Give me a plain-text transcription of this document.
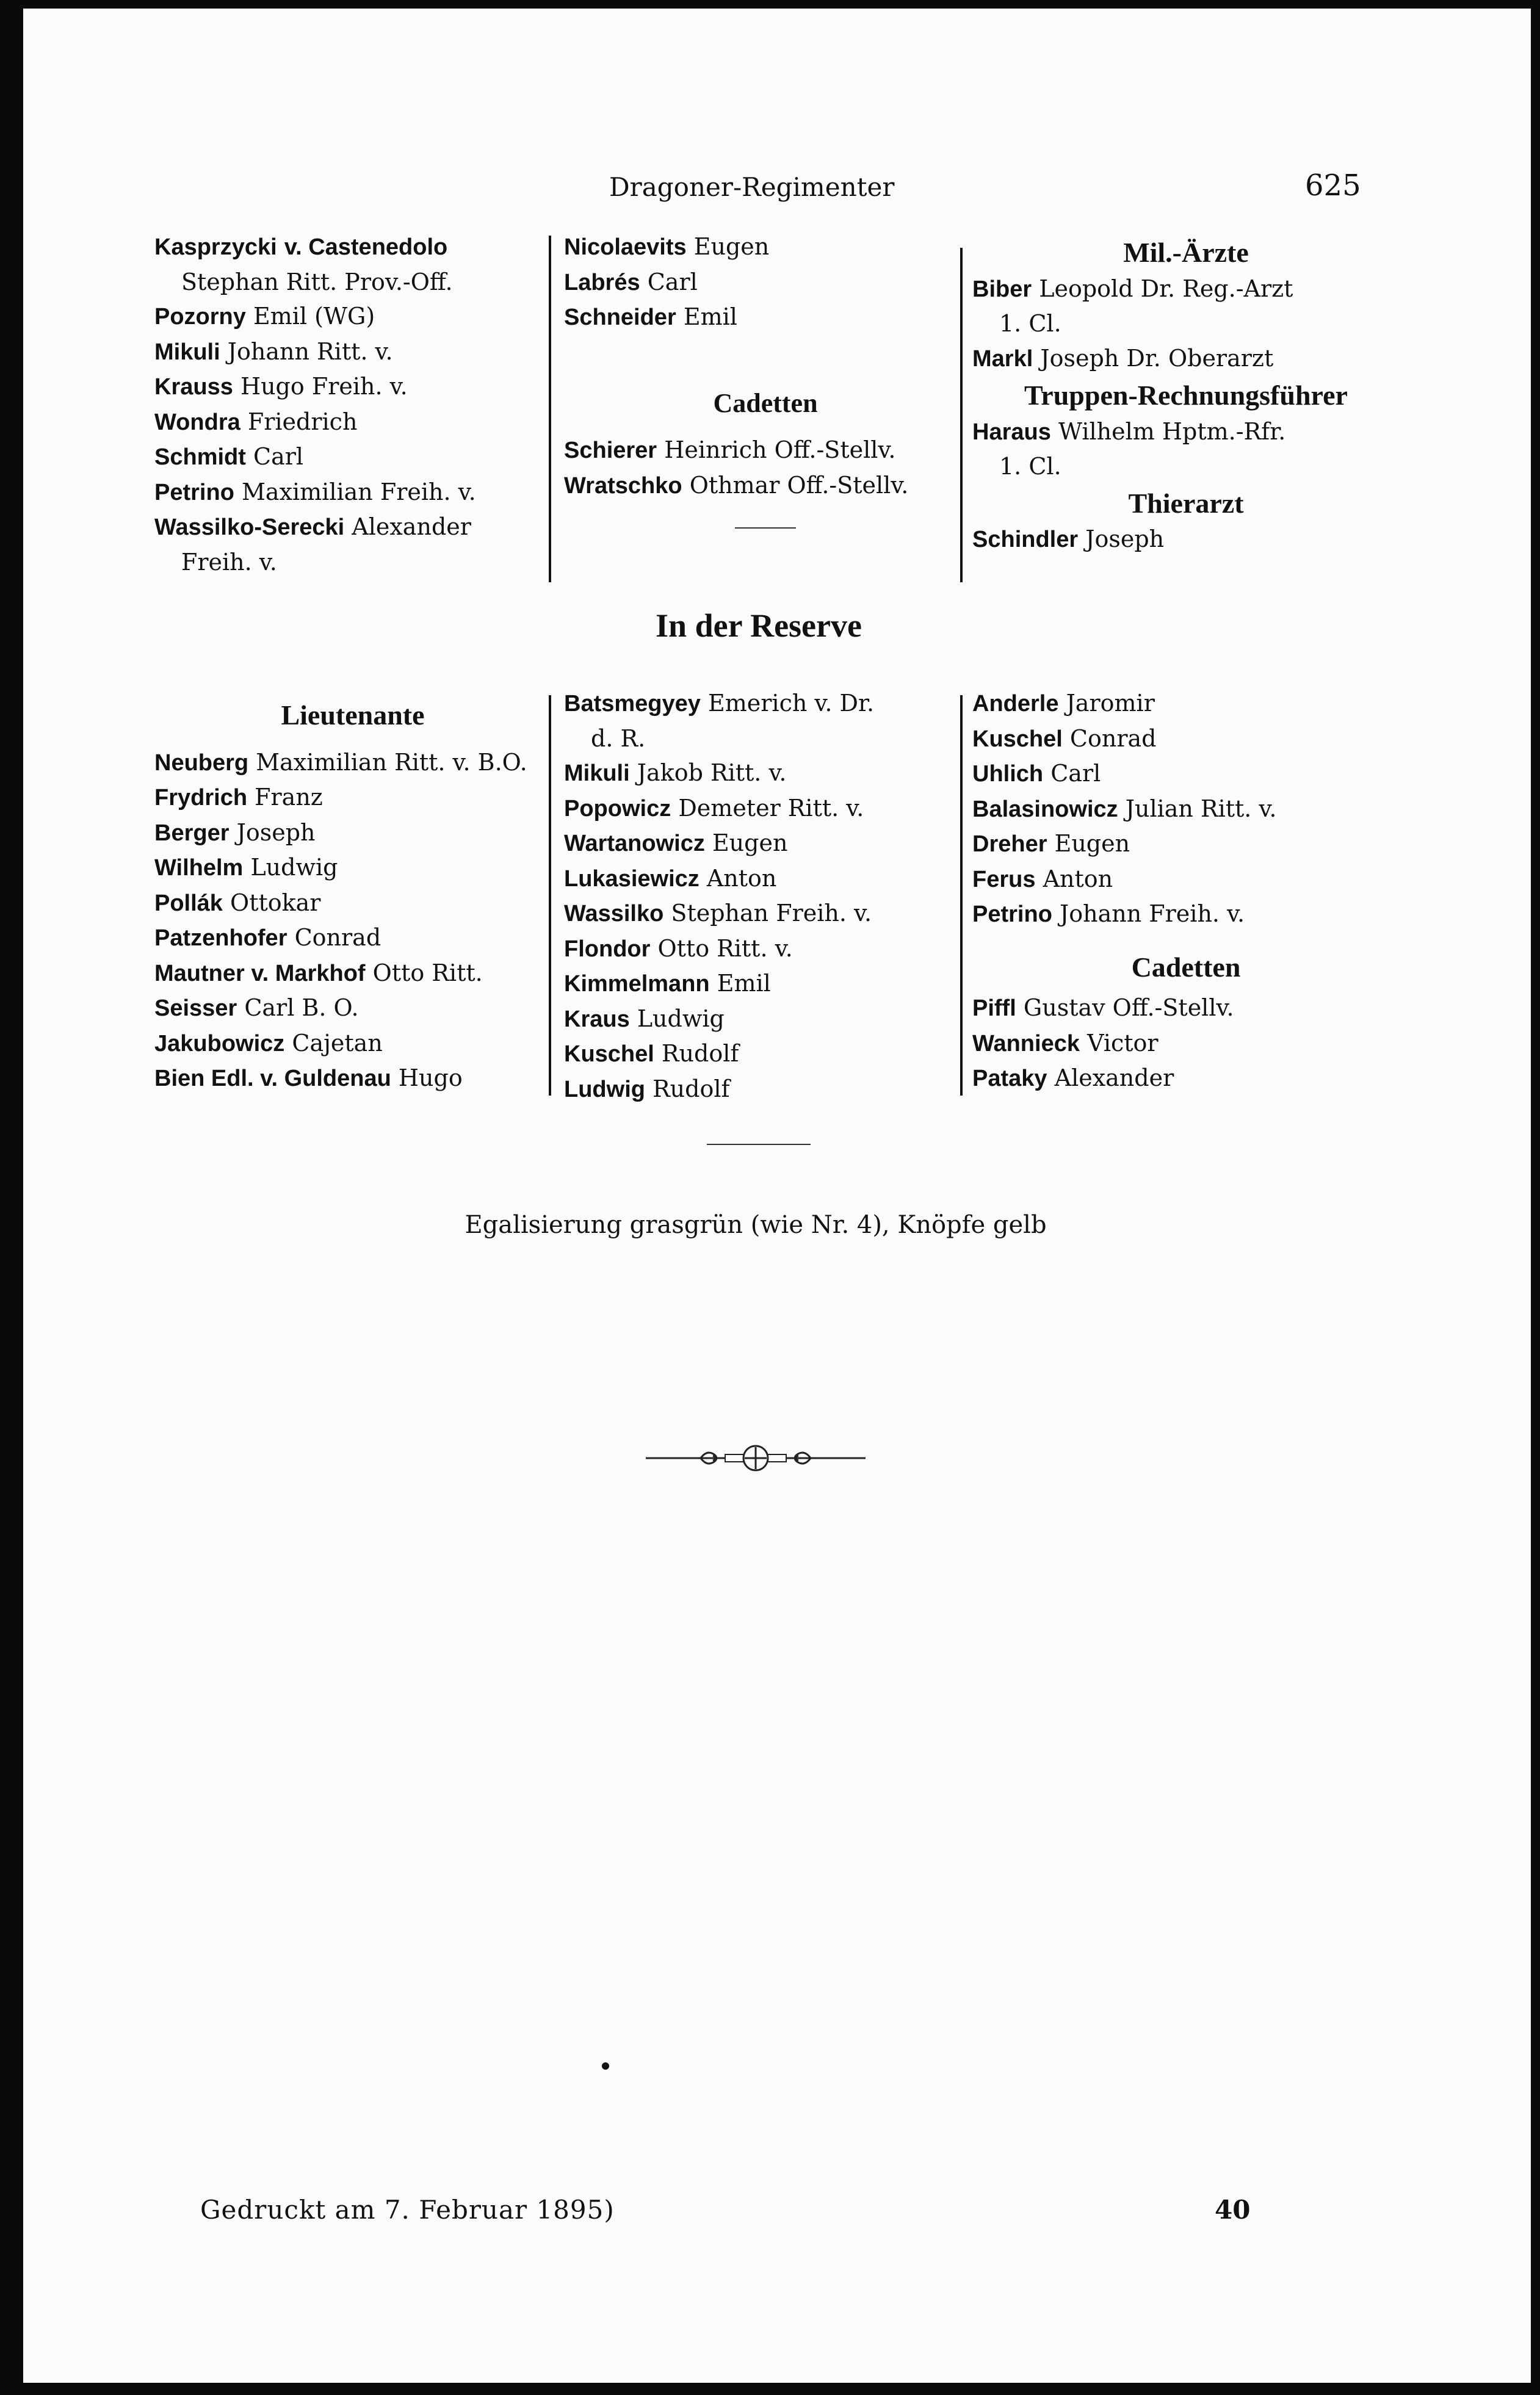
Dragoner-Regimenter	625
Kasprzycki v. Castenedolo
Stephan Ritt. Prov.-Off.
Pozorny Emil (WG)
Mikuli Johann Ritt. v.
Krauss Hugo Freih. v.
Wondra Friedrich
Schmidt Carl
Petrino Maximilian Freih. v.
Wassilko-Serecki Alexander
Freih. v.
Nicolaevits Eugen
Labrés Carl
Schneider Emil
Cadetten
Schierer Heinrich Off.-Stellv.
Wratschko Othmar Off.-Stellv.
Mil.-Ärzte
Biber Leopold Dr. Reg.-Arzt
1. Cl.
Markl Joseph Dr. Oberarzt
Truppen-Rechnungsführer
Haraus Wilhelm Hptm.-Rfr.
1. Cl.
Thierarzt
Schindler Joseph
In der Reserve
Lieutenante
Neuberg Maximilian Ritt. v. B.O.
Frydrich Franz
Berger Joseph
Wilhelm Ludwig
Pollák Ottokar
Patzenhofer Conrad
Mautner v. Markhof Otto Ritt.
Seisser Carl B. O.
Jakubowicz Cajetan
Bien Edl. v. Guldenau Hugo
Batsmegyey Emerich v. Dr.
d. R.
Mikuli Jakob Ritt. v.
Popowicz Demeter Ritt. v.
Wartanowicz Eugen
Lukasiewicz Anton
Wassilko Stephan Freih. v.
Flondor Otto Ritt. v.
Kimmelmann Emil
Kraus Ludwig
Kuschel Rudolf
Ludwig Rudolf
Anderle Jaromir
Kuschel Conrad
Uhlich Carl
Balasinowicz Julian Ritt. v.
Dreher Eugen
Ferus Anton
Petrino Johann Freih. v.
Cadetten
Piffl Gustav Off.-Stellv.
Wannieck Victor
Pataky Alexander
Egalisierung grasgrün (wie Nr. 4), Knöpfe gelb
Gedruckt am 7. Februar 1895)	40
